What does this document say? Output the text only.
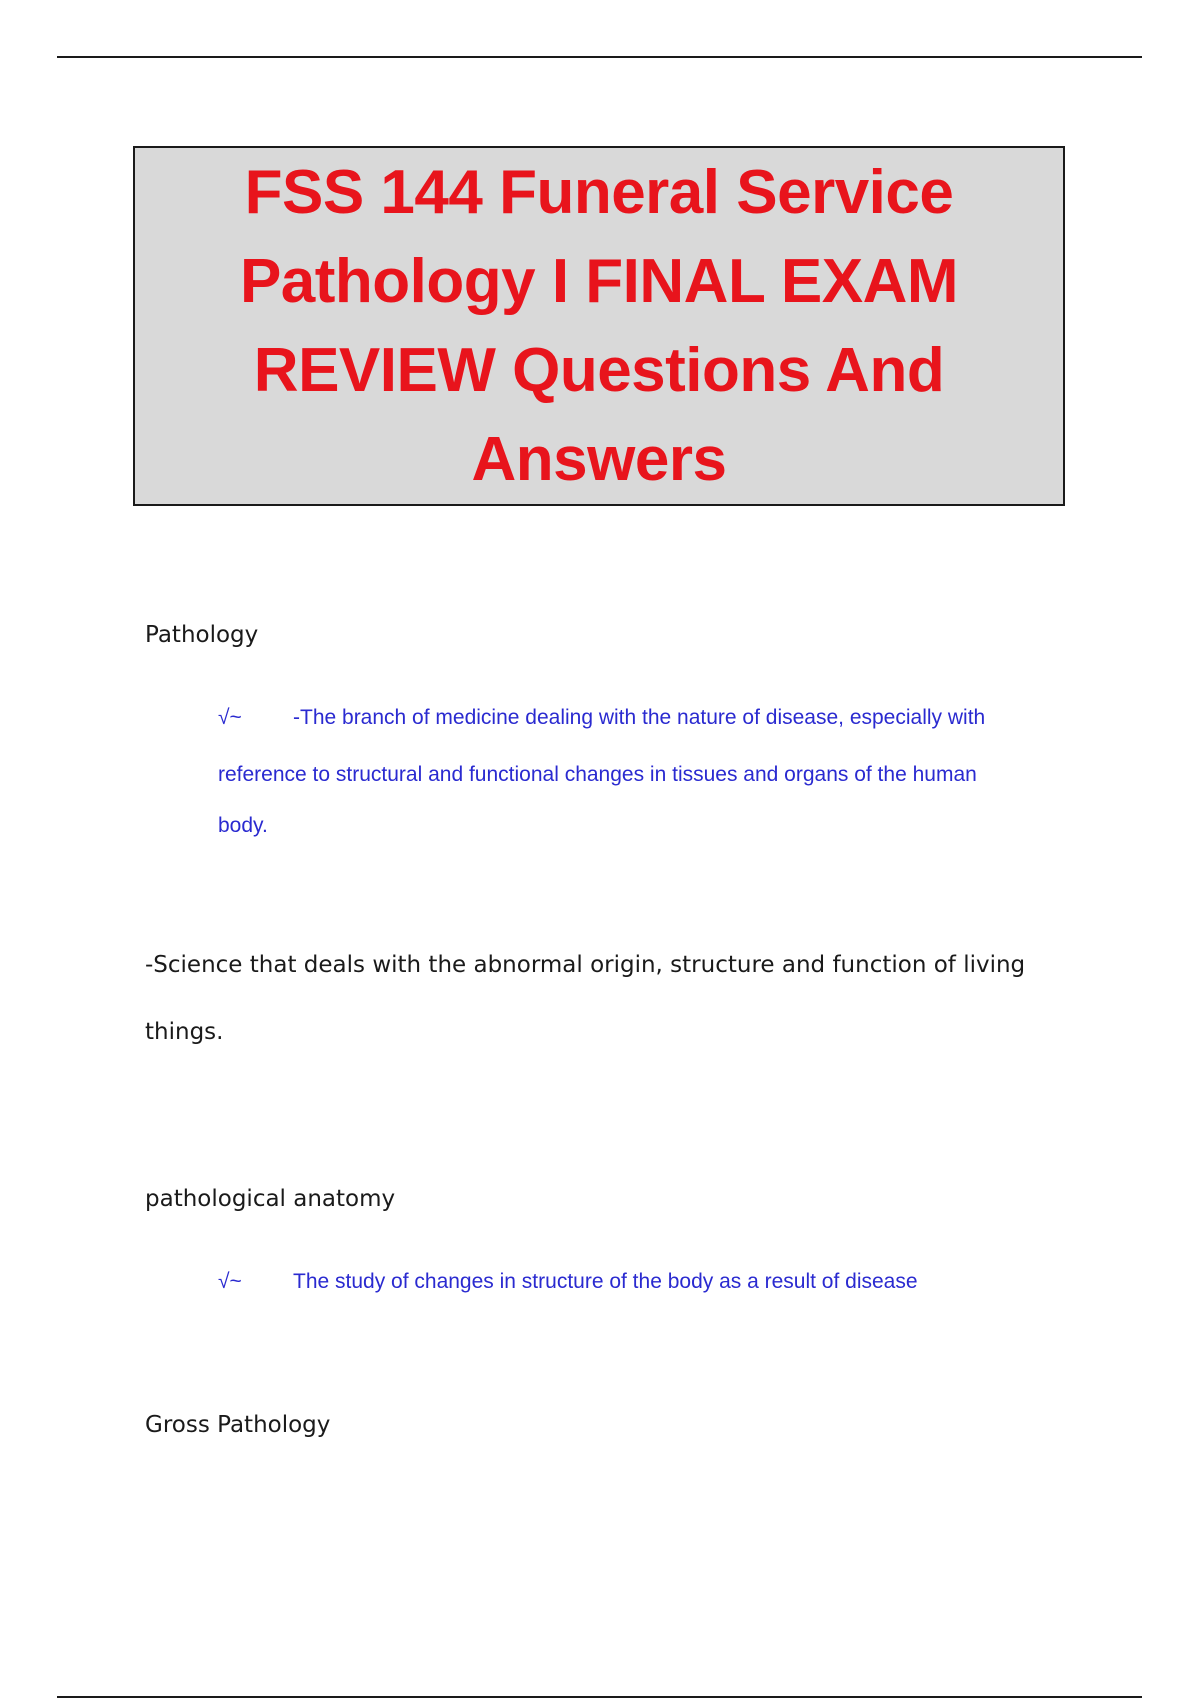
FSS 144 Funeral Service
Pathology I FINAL EXAM
REVIEW Questions And
Answers

Pathology

√~ -The branch of medicine dealing with the nature of disease, especially with
reference to structural and functional changes in tissues and organs of the human
body.

-Science that deals with the abnormal origin, structure and function of living

things.

pathological anatomy

√~ The study of changes in structure of the body as a result of disease

Gross Pathology
